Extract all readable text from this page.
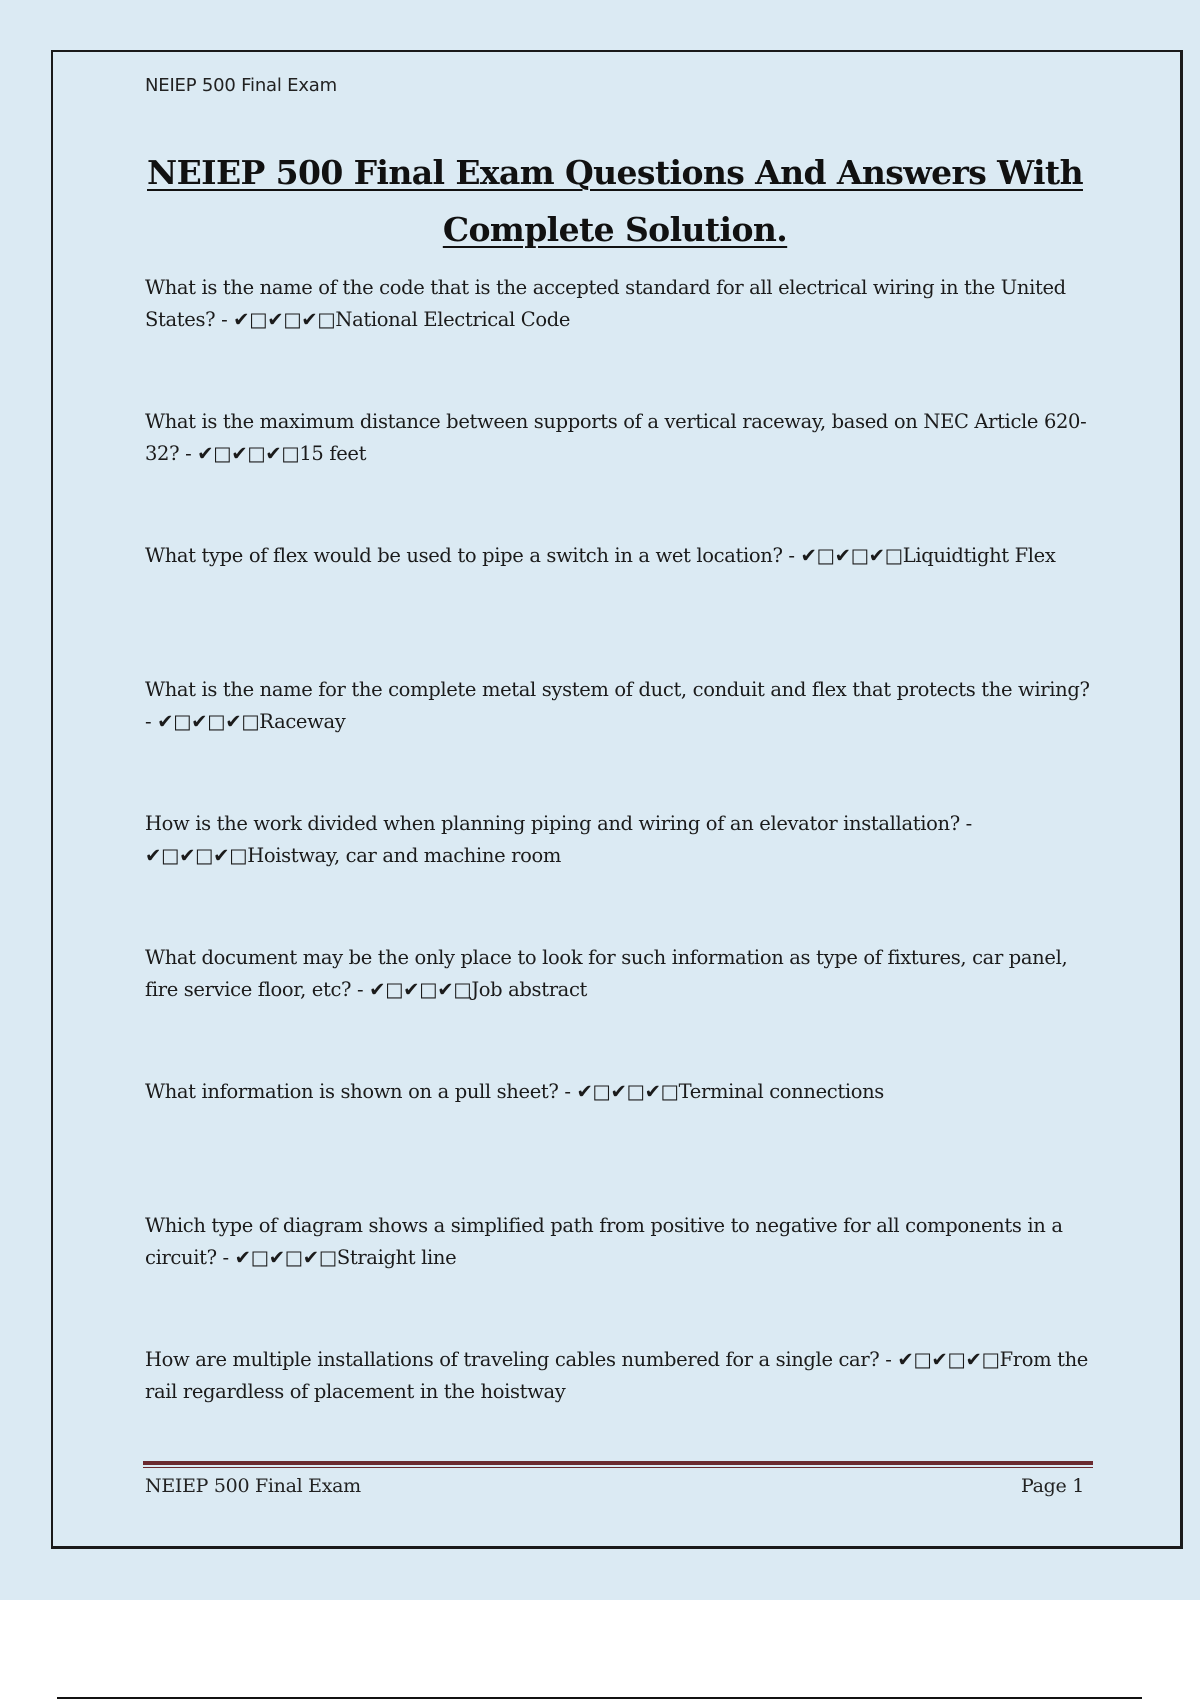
NEIEP 500 Final Exam
NEIEP 500 Final Exam Questions And Answers With Complete Solution.
What is the name of the code that is the accepted standard for all electrical wiring in the United States? - ✔□✔□✔□National Electrical Code
What is the maximum distance between supports of a vertical raceway, based on NEC Article 620-32? - ✔□✔□✔□15 feet
What type of flex would be used to pipe a switch in a wet location? - ✔□✔□✔□Liquidtight Flex
What is the name for the complete metal system of duct, conduit and flex that protects the wiring? - ✔□✔□✔□Raceway
How is the work divided when planning piping and wiring of an elevator installation? - ✔□✔□✔□Hoistway, car and machine room
What document may be the only place to look for such information as type of fixtures, car panel, fire service floor, etc? - ✔□✔□✔□Job abstract
What information is shown on a pull sheet? - ✔□✔□✔□Terminal connections
Which type of diagram shows a simplified path from positive to negative for all components in a circuit? - ✔□✔□✔□Straight line
How are multiple installations of traveling cables numbered for a single car? - ✔□✔□✔□From the rail regardless of placement in the hoistway
NEIEP 500 Final Exam	Page 1
